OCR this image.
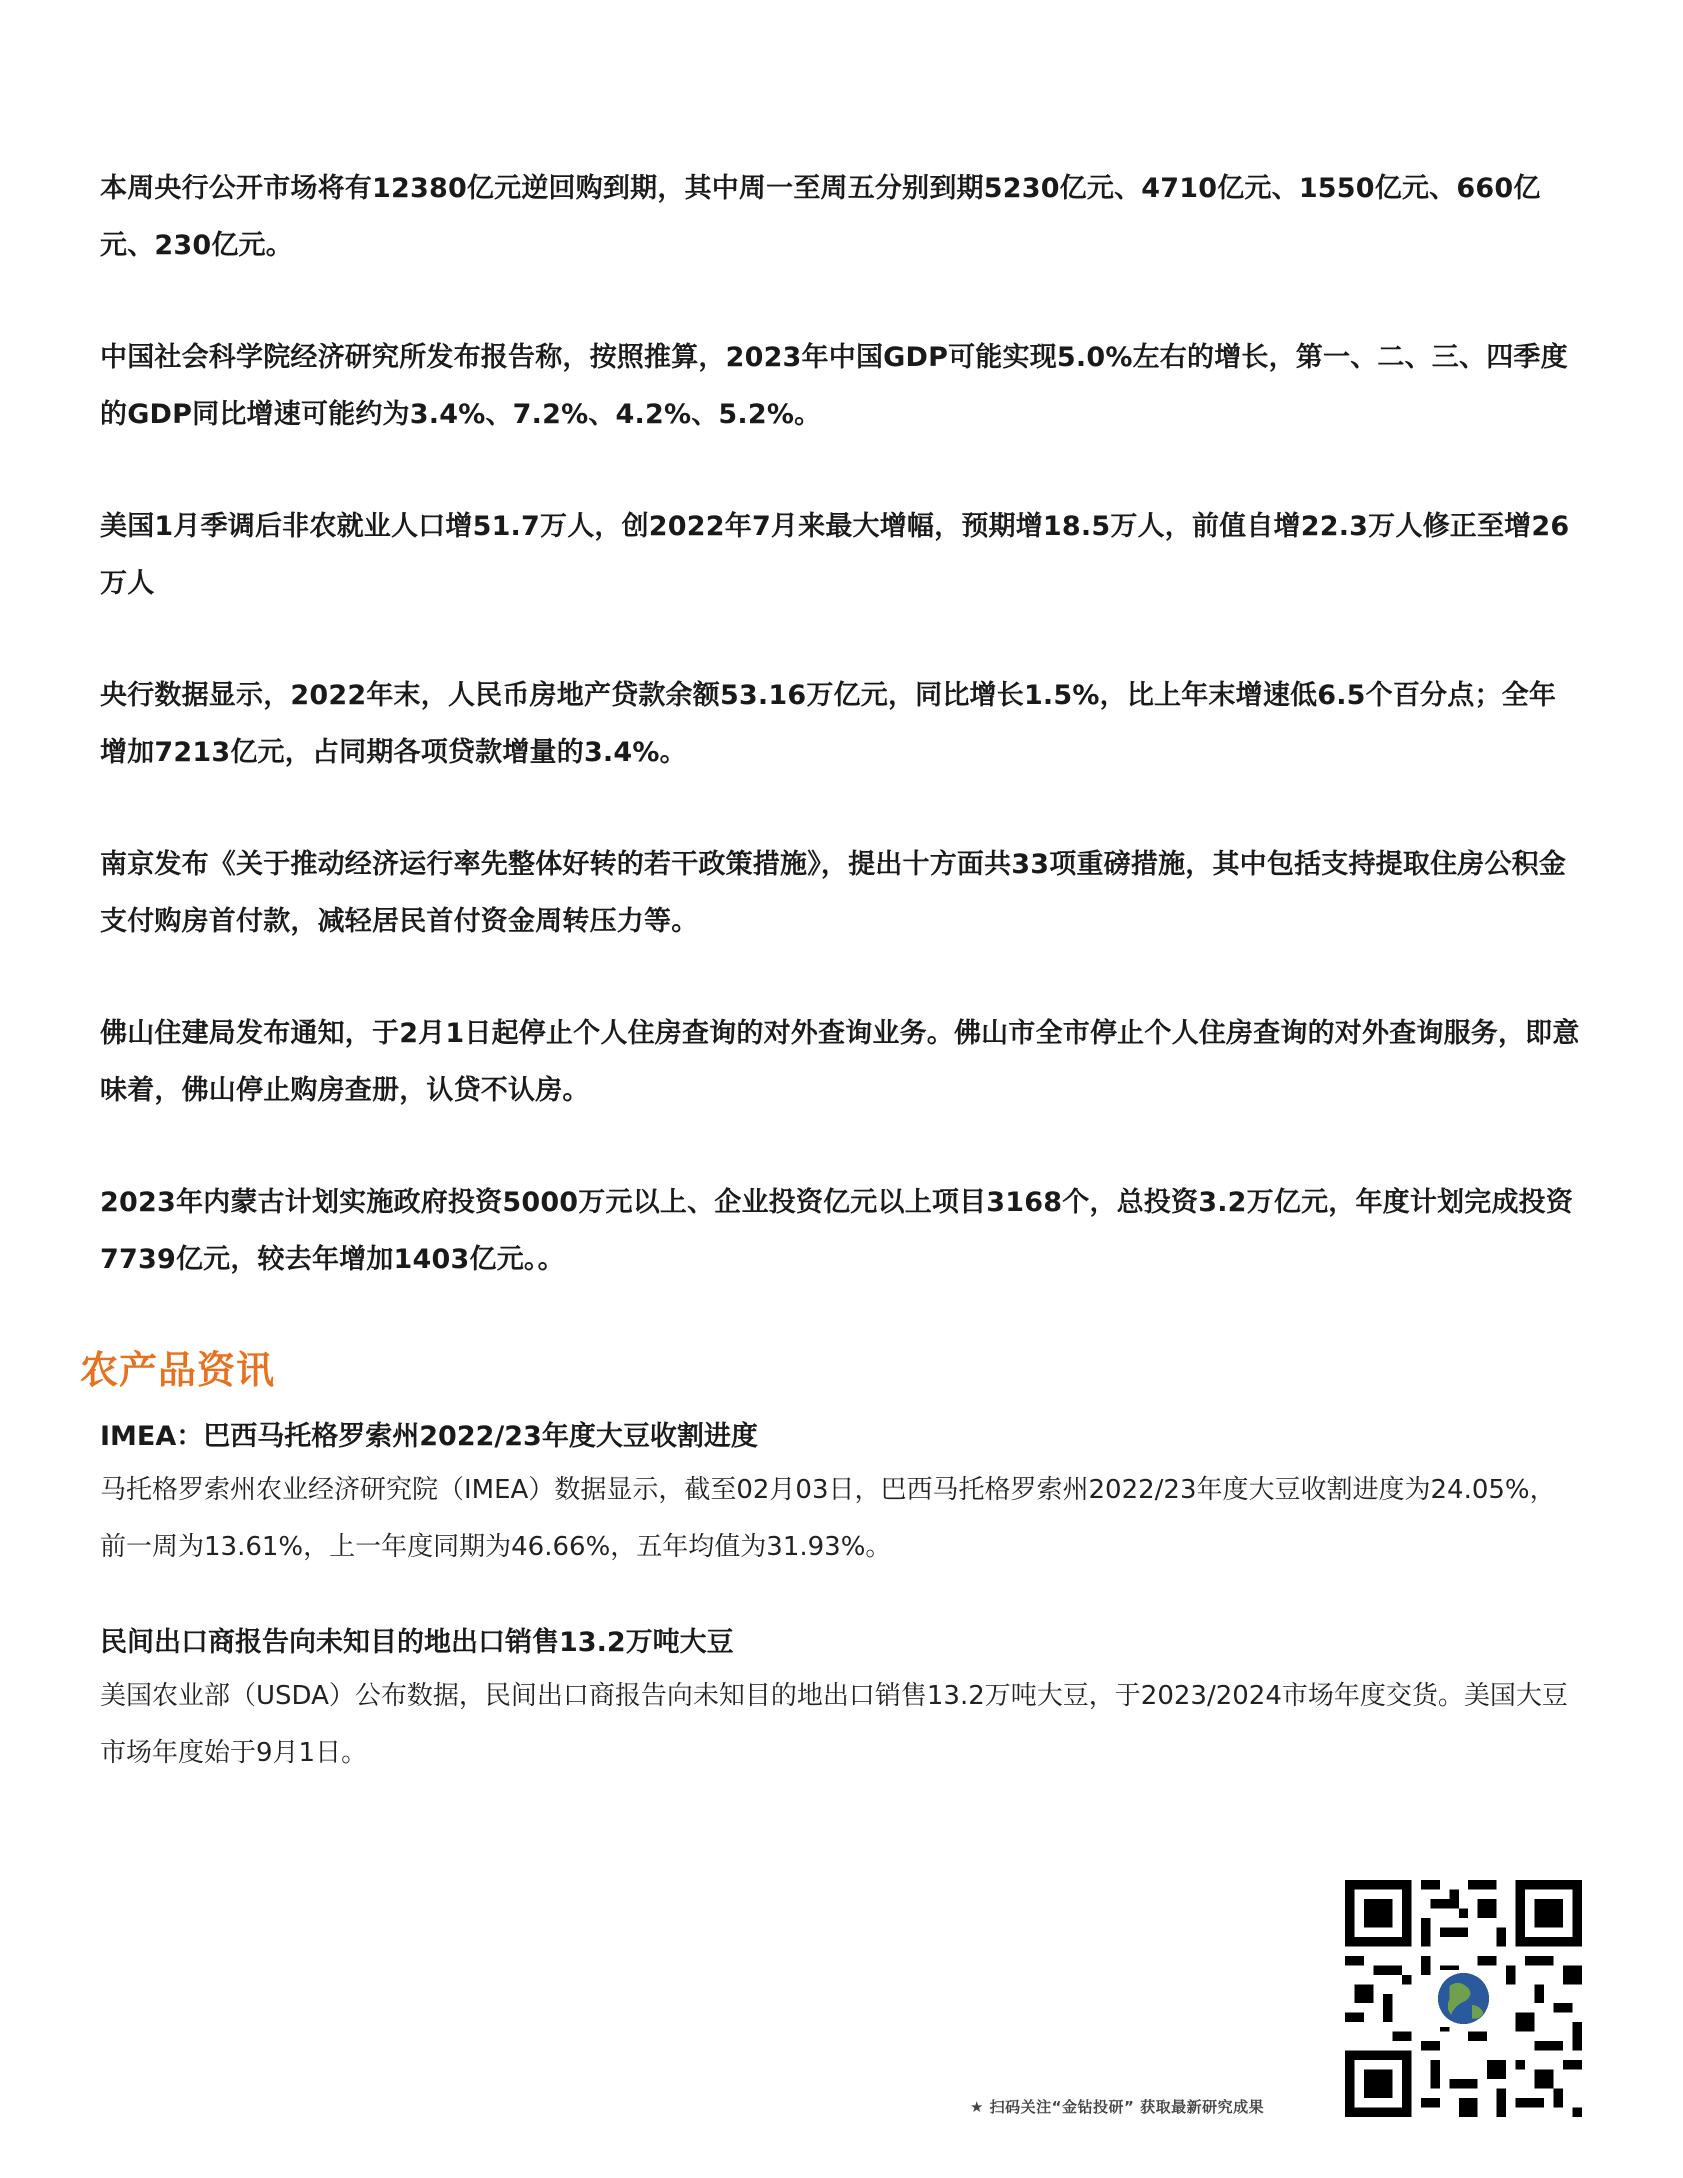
本周央行公开市场将有12380亿元逆回购到期，其中周一至周五分别到期5230亿元、4710亿元、1550亿元、660亿元、230亿元。

中国社会科学院经济研究所发布报告称，按照推算，2023年中国GDP可能实现5.0%左右的增长，第一、二、三、四季度的GDP同比增速可能约为3.4%、7.2%、4.2%、5.2%。

美国1月季调后非农就业人口增51.7万人，创2022年7月来最大增幅，预期增18.5万人，前值自增22.3万人修正至增26万人

央行数据显示，2022年末，人民币房地产贷款余额53.16万亿元，同比增长1.5%，比上年末增速低6.5个百分点；全年增加7213亿元，占同期各项贷款增量的3.4%。

南京发布《关于推动经济运行率先整体好转的若干政策措施》，提出十方面共33项重磅措施，其中包括支持提取住房公积金支付购房首付款，减轻居民首付资金周转压力等。

佛山住建局发布通知，于2月1日起停止个人住房查询的对外查询业务。佛山市全市停止个人住房查询的对外查询服务，即意味着，佛山停止购房查册，认贷不认房。

2023年内蒙古计划实施政府投资5000万元以上、企业投资亿元以上项目3168个，总投资3.2万亿元，年度计划完成投资7739亿元，较去年增加1403亿元。。

农产品资讯
IMEA：巴西马托格罗索州2022/23年度大豆收割进度
马托格罗索州农业经济研究院（IMEA）数据显示，截至02月03日，巴西马托格罗索州2022/23年度大豆收割进度为24.05%，前一周为13.61%，上一年度同期为46.66%，五年均值为31.93%。
民间出口商报告向未知目的地出口销售13.2万吨大豆
美国农业部（USDA）公布数据，民间出口商报告向未知目的地出口销售13.2万吨大豆，于2023/2024市场年度交货。美国大豆市场年度始于9月1日。
★ 扫码关注“金钻投研” 获取最新研究成果
